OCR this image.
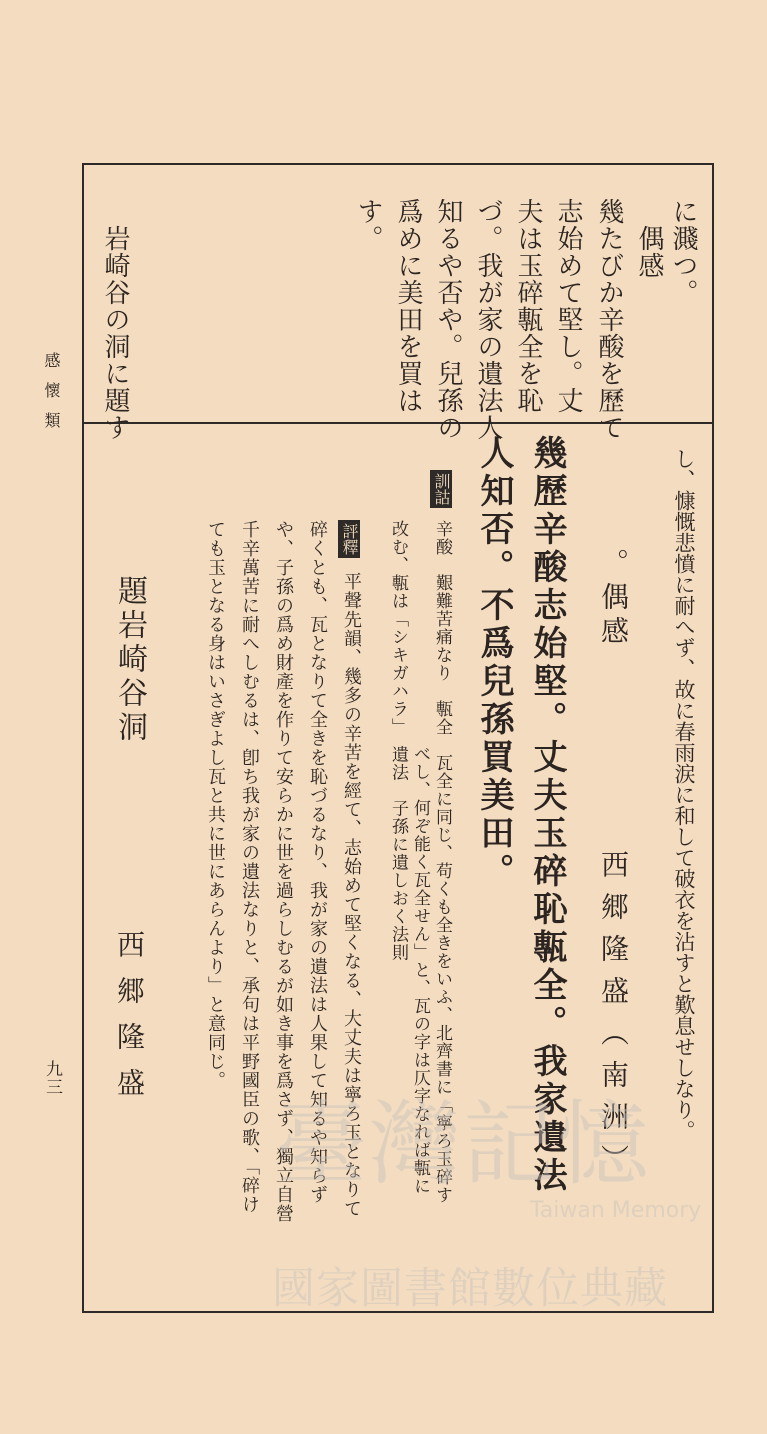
感懷類

九三

に濺つ。

　偶感

幾たびか辛酸を歷て

志始めて堅し。丈

夫は玉碎甎全を恥

づ。我が家の遺法人

知るや否や。兒孫の

爲めに美田を買は

す。

　岩崎谷の洞に題す

し、慷慨悲憤に耐へず、故に春雨涙に和して破衣を沾すと歎息せしなり。

。偶感

西郷隆盛（南洲）

幾歷辛酸志始堅。丈夫玉碎恥甎全。我家遺法

人知否。不爲兒孫買美田。

訓詁

辛酸　艱難苦痛なり　甎全　瓦全に同じ、苟くも全きをいふ、北齊書に「寧ろ玉碎す

べし、何ぞ能く瓦全せん」と、瓦の字は仄字なれば甎に

改む、甎は「シキガハラ」　遺法　子孫に遺しおく法則

評釋

平聲先韻、幾多の辛苦を經て、志始めて堅くなる、大丈夫は寧ろ玉となりて

碎くとも、瓦となりて全きを恥づるなり、我が家の遺法は人果して知るや知らず

や、子孫の爲め財產を作りて安らかに世を過らしむるが如き事を爲さず、獨立自營

千辛萬苦に耐へしむるは、卽ち我が家の遺法なりと、承句は平野國臣の歌、「碎け

ても玉となる身はいさぎよし瓦と共に世にあらんより」と意同じ。

題岩崎谷洞

西郷隆盛

臺灣記憶
Taiwan Memory
國家圖書館數位典藏
